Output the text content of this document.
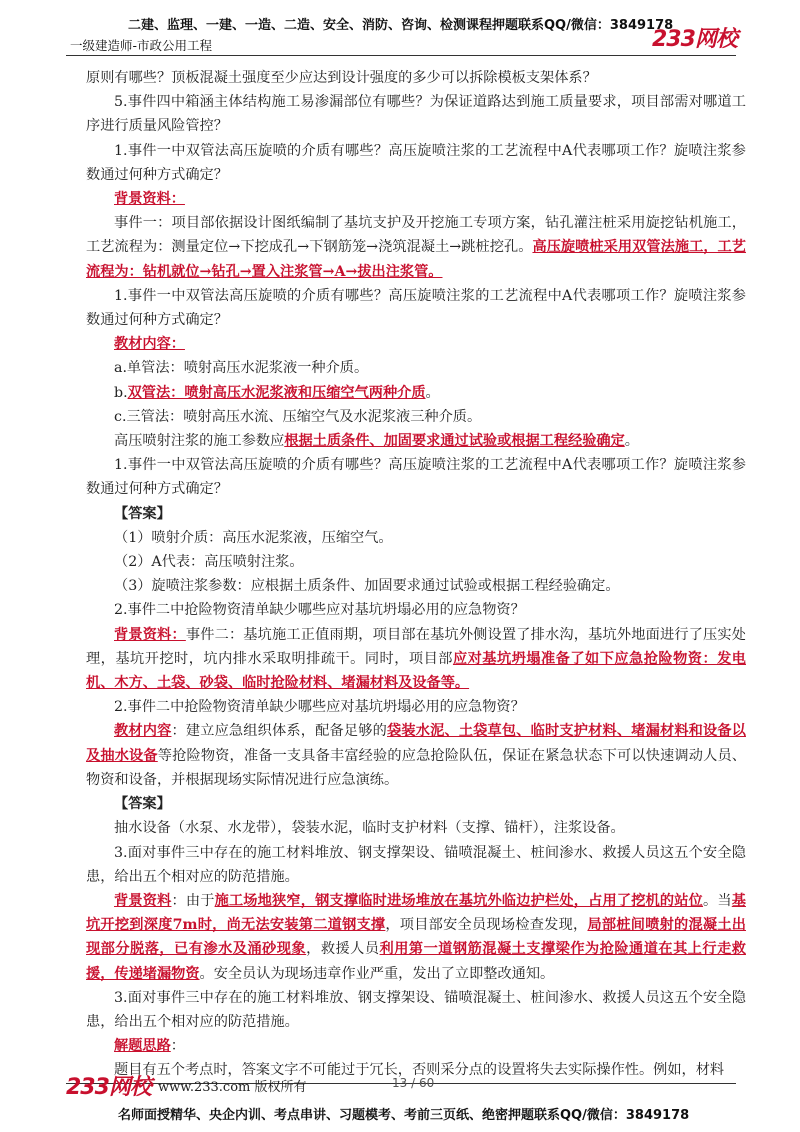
二建、监理、一建、一造、二造、安全、消防、咨询、检测课程押题联系QQ/微信：3849178
一级建造师-市政公用工程	233网校

原则有哪些？顶板混凝土强度至少应达到设计强度的多少可以拆除模板支架体系？

5.事件四中箱涵主体结构施工易渗漏部位有哪些？为保证道路达到施工质量要求，项目部需对哪道工序进行质量风险管控？

1.事件一中双管法高压旋喷的介质有哪些？高压旋喷注浆的工艺流程中A代表哪项工作？旋喷注浆参数通过何种方式确定？

背景资料：

事件一：项目部依据设计图纸编制了基坑支护及开挖施工专项方案，钻孔灌注桩采用旋挖钻机施工，工艺流程为：测量定位→下挖成孔→下钢筋笼→浇筑混凝土→跳桩挖孔。高压旋喷桩采用双管法施工，工艺流程为：钻机就位→钻孔→置入注浆管→A→拔出注浆管。

1.事件一中双管法高压旋喷的介质有哪些？高压旋喷注浆的工艺流程中A代表哪项工作？旋喷注浆参数通过何种方式确定？

教材内容：

a.单管法：喷射高压水泥浆液一种介质。

b.双管法：喷射高压水泥浆液和压缩空气两种介质。

c.三管法：喷射高压水流、压缩空气及水泥浆液三种介质。

高压喷射注浆的施工参数应根据土质条件、加固要求通过试验或根据工程经验确定。

1.事件一中双管法高压旋喷的介质有哪些？高压旋喷注浆的工艺流程中A代表哪项工作？旋喷注浆参数通过何种方式确定？

【答案】

（1）喷射介质：高压水泥浆液，压缩空气。

（2）A代表：高压喷射注浆。

（3）旋喷注浆参数：应根据土质条件、加固要求通过试验或根据工程经验确定。

2.事件二中抢险物资清单缺少哪些应对基坑坍塌必用的应急物资？

背景资料：事件二：基坑施工正值雨期，项目部在基坑外侧设置了排水沟，基坑外地面进行了压实处理，基坑开挖时，坑内排水采取明排疏干。同时，项目部应对基坑坍塌准备了如下应急抢险物资：发电机、木方、土袋、砂袋、临时抢险材料、堵漏材料及设备等。

2.事件二中抢险物资清单缺少哪些应对基坑坍塌必用的应急物资？

教材内容：建立应急组织体系，配备足够的袋装水泥、土袋草包、临时支护材料、堵漏材料和设备以及抽水设备等抢险物资，准备一支具备丰富经验的应急抢险队伍，保证在紧急状态下可以快速调动人员、物资和设备，并根据现场实际情况进行应急演练。

【答案】

抽水设备（水泵、水龙带），袋装水泥，临时支护材料（支撑、锚杆），注浆设备。

3.面对事件三中存在的施工材料堆放、钢支撑架设、锚喷混凝土、桩间渗水、救援人员这五个安全隐患，给出五个相对应的防范措施。

背景资料：由于施工场地狭窄，钢支撑临时进场堆放在基坑外临边护栏处，占用了挖机的站位。当基坑开挖到深度7m时，尚无法安装第二道钢支撑，项目部安全员现场检查发现，局部桩间喷射的混凝土出现部分脱落，已有渗水及涌砂现象，救援人员利用第一道钢筋混凝土支撑梁作为抢险通道在其上行走救援，传递堵漏物资。安全员认为现场违章作业严重，发出了立即整改通知。

3.面对事件三中存在的施工材料堆放、钢支撑架设、锚喷混凝土、桩间渗水、救援人员这五个安全隐患，给出五个相对应的防范措施。

解题思路：

题目有五个考点时，答案文字不可能过于冗长，否则采分点的设置将失去实际操作性。例如，材料

233网校 www.233.com 版权所有	13 / 60
名师面授精华、央企内训、考点串讲、习题模考、考前三页纸、绝密押题联系QQ/微信：3849178
